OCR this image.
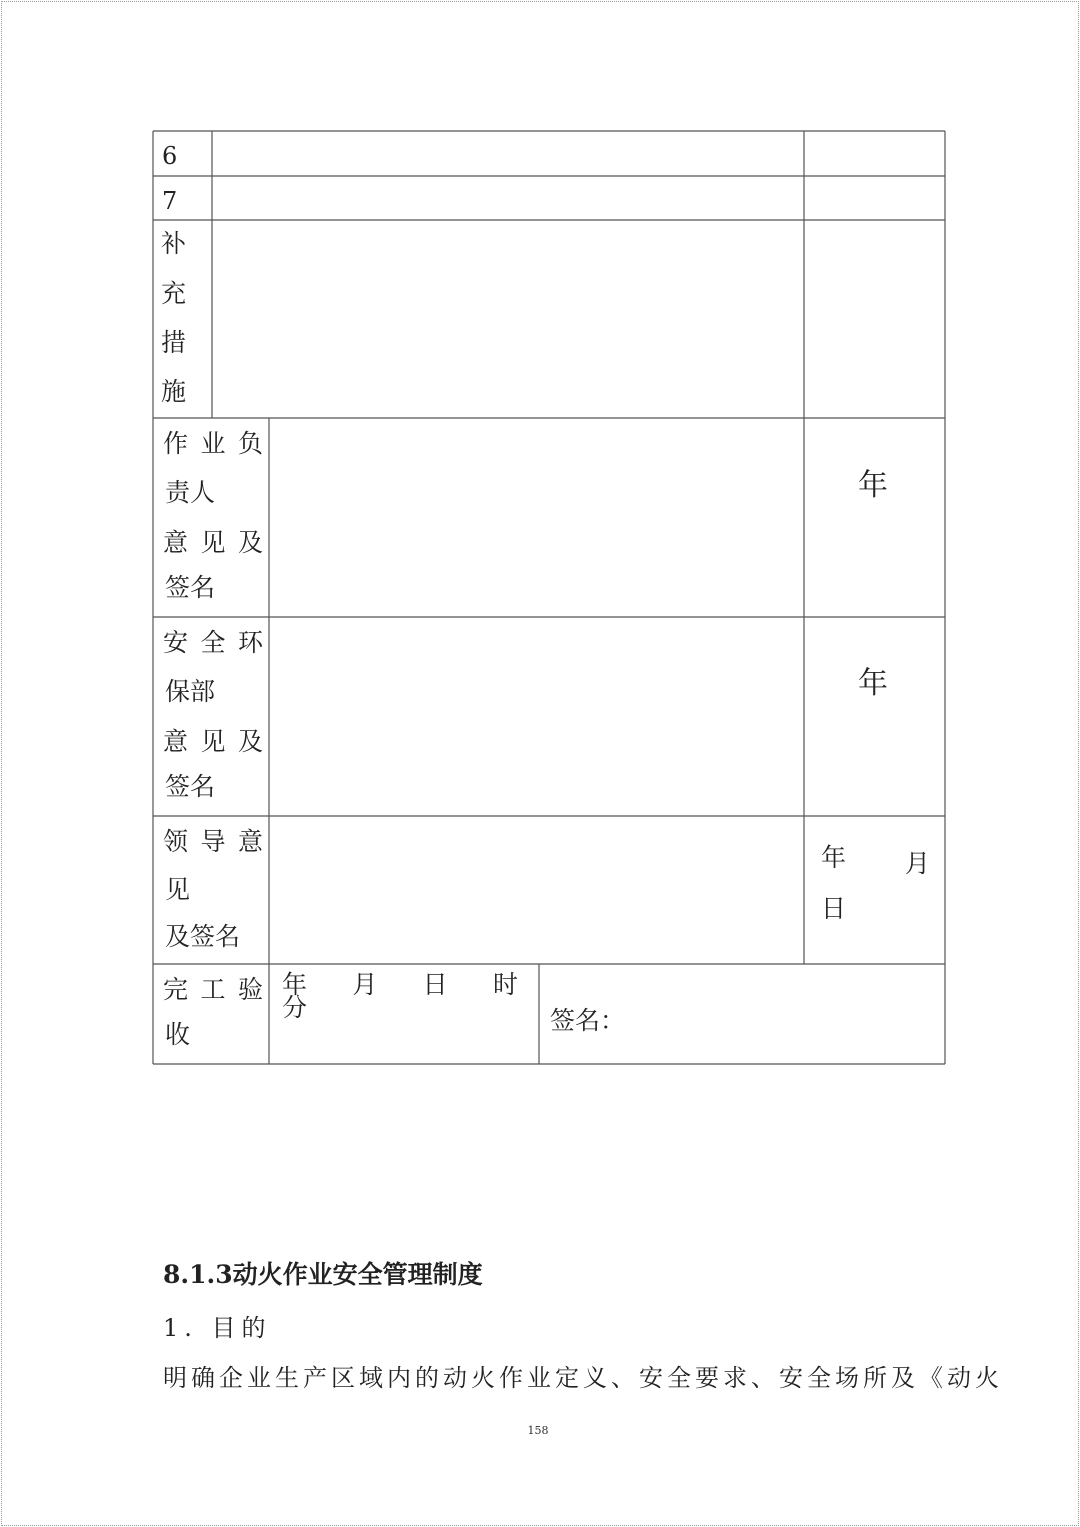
6
7
补
充
措
施
作 业 负
责人
意 见 及
签名
年
安 全 环
保部
意 见 及
签名
年
领 导 意
见
及签名
年 月
日
完 工 验
收
年 月 日 时
分	签名：
8.1.3动火作业安全管理制度
1. 目的
明确企业生产区域内的动火作业定义、安全要求、安全场所及《动火
158
